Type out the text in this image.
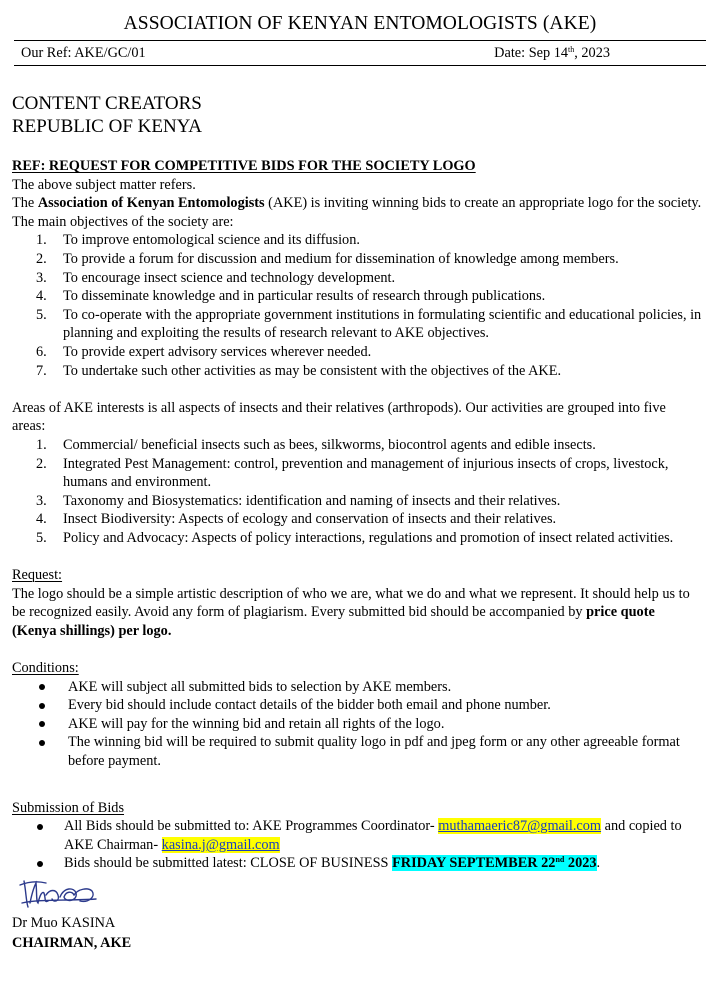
ASSOCIATION OF KENYAN ENTOMOLOGISTS (AKE)
Our Ref: AKE/GC/01	Date: Sep 14th, 2023
CONTENT CREATORS
REPUBLIC OF KENYA

REF: REQUEST FOR COMPETITIVE BIDS FOR THE SOCIETY LOGO

The above subject matter refers.

The Association of Kenyan Entomologists (AKE) is inviting winning bids to create an appropriate logo for the society. The main objectives of the society are:

1. To improve entomological science and its diffusion.
2. To provide a forum for discussion and medium for dissemination of knowledge among members.
3. To encourage insect science and technology development.
4. To disseminate knowledge and in particular results of research through publications.
5. To co-operate with the appropriate government institutions in formulating scientific and educational policies, in planning and exploiting the results of research relevant to AKE objectives.
6. To provide expert advisory services wherever needed.
7. To undertake such other activities as may be consistent with the objectives of the AKE.

Areas of AKE interests is all aspects of insects and their relatives (arthropods). Our activities are grouped into five areas:

1. Commercial/ beneficial insects such as bees, silkworms, biocontrol agents and edible insects.
2. Integrated Pest Management: control, prevention and management of injurious insects of crops, livestock, humans and environment.
3. Taxonomy and Biosystematics: identification and naming of insects and their relatives.
4. Insect Biodiversity: Aspects of ecology and conservation of insects and their relatives.
5. Policy and Advocacy: Aspects of policy interactions, regulations and promotion of insect related activities.

Request:

The logo should be a simple artistic description of who we are, what we do and what we represent. It should help us to be recognized easily. Avoid any form of plagiarism. Every submitted bid should be accompanied by price quote (Kenya shillings) per logo.

Conditions:

AKE will subject all submitted bids to selection by AKE members.
Every bid should include contact details of the bidder both email and phone number.
AKE will pay for the winning bid and retain all rights of the logo.
The winning bid will be required to submit quality logo in pdf and jpeg form or any other agreeable format before payment.

Submission of Bids

All Bids should be submitted to: AKE Programmes Coordinator- muthamaeric87@gmail.com and copied to AKE Chairman- kasina.j@gmail.com
Bids should be submitted latest: CLOSE OF BUSINESS FRIDAY SEPTEMBER 22nd 2023.
Dr Muo KASINA
CHAIRMAN, AKE
